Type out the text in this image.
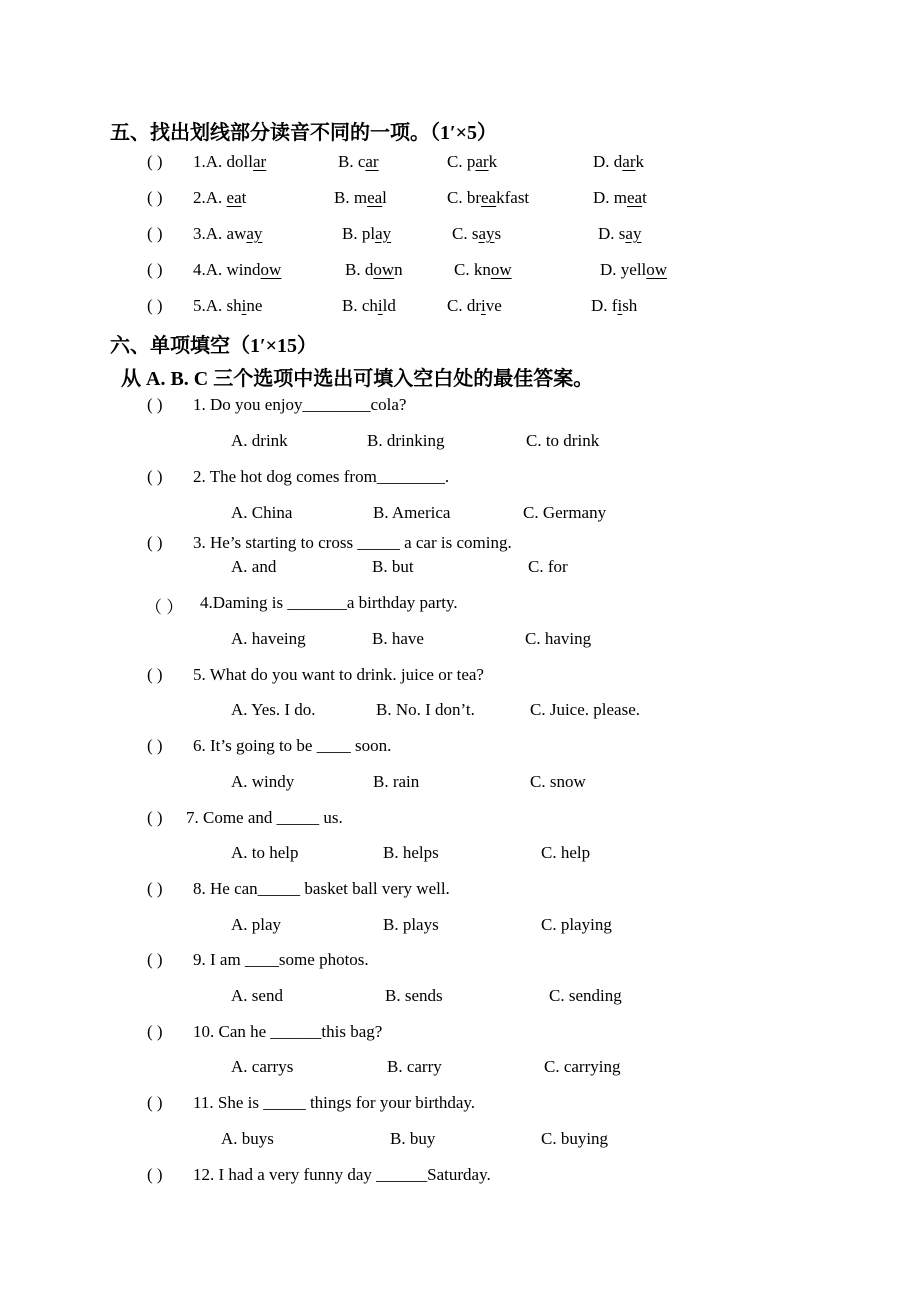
五、找出划线部分读音不同的一项。（1′×5）
( ) 1.A. dollar	B. car	C. park	D. dark
( ) 2.A. eat	B. meal	C. breakfast	D. meat
( ) 3.A. away	B. play	C. says	D. say
( ) 4.A. window	B. down	C. know	D. yellow
( ) 5.A. shine	B. child	C. drive	D. fish
六、单项填空（1′×15）
从 A. B. C 三个选项中选出可填入空白处的最佳答案。
( ) 1. Do you enjoy________cola?
A. drink	B. drinking	C. to drink
( ) 2. The hot dog comes from________.
A. China	B. America	C. Germany
( ) 3. He’s starting to cross _____ a car is coming.
A. and	B. but	C. for
（ ） 4.Daming is _______a birthday party.
A. haveing	B. have	C. having
( ) 5. What do you want to drink. juice or tea?
A. Yes. I do.	B. No. I don’t.	C. Juice. please.
( ) 6. It’s going to be ____ soon.
A. windy	B. rain	C. snow
( ) 7. Come and _____ us.
A. to help	B. helps	C. help
( ) 8. He can_____ basket ball very well.
A. play	B. plays	C. playing
( ) 9. I am ____some photos.
A. send	B. sends	C. sending
( ) 10. Can he ______this bag?
A. carrys	B. carry	C. carrying
( ) 11. She is _____ things for your birthday.
A. buys	B. buy	C. buying
( ) 12. I had a very funny day ______Saturday.
